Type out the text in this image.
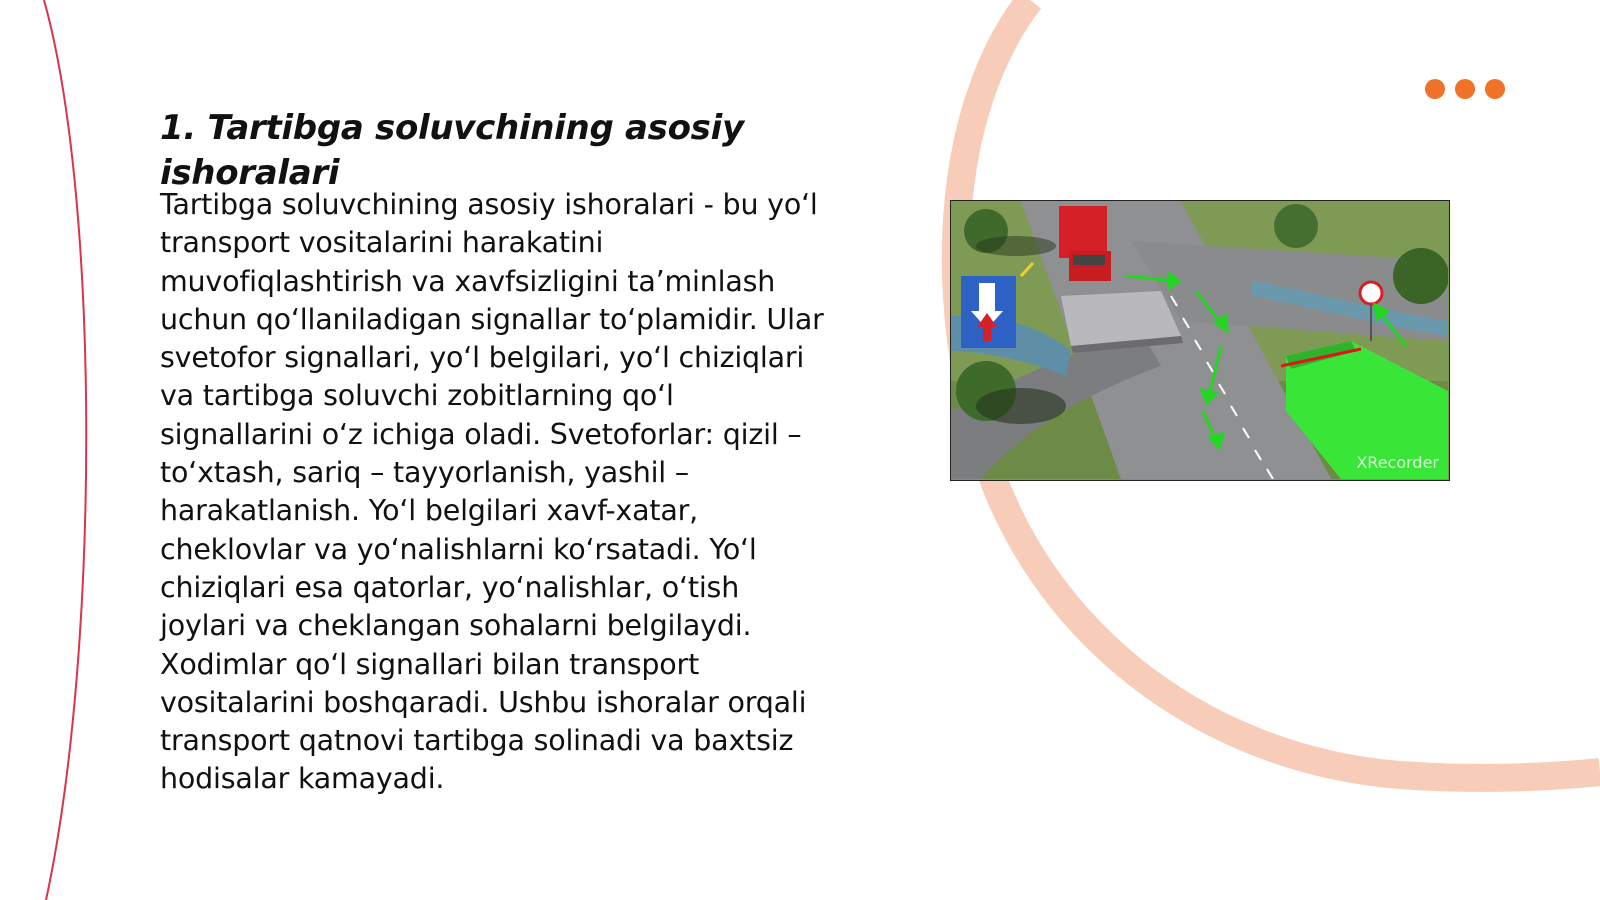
1. Tartibga soluvchining asosiy ishoralari

Tartibga soluvchining asosiy ishoralari - bu yo‘l transport vositalarini harakatini muvofiqlashtirish va xavfsizligini ta’minlash uchun qo‘llaniladigan signallar to‘plamidir. Ular svetofor signallari, yo‘l belgilari, yo‘l chiziqlari va tartibga soluvchi zobitlarning qo‘l signallarini o‘z ichiga oladi. Svetoforlar: qizil – to‘xtash, sariq – tayyorlanish, yashil – harakatlanish. Yo‘l belgilari xavf-xatar, cheklovlar va yo‘nalishlarni ko‘rsatadi. Yo‘l chiziqlari esa qatorlar, yo‘nalishlar, o‘tish joylari va cheklangan sohalarni belgilaydi. Xodimlar qo‘l signallari bilan transport vositalarini boshqaradi. Ushbu ishoralar orqali transport qatnovi tartibga solinadi va baxtsiz hodisalar kamayadi.

XRecorder
